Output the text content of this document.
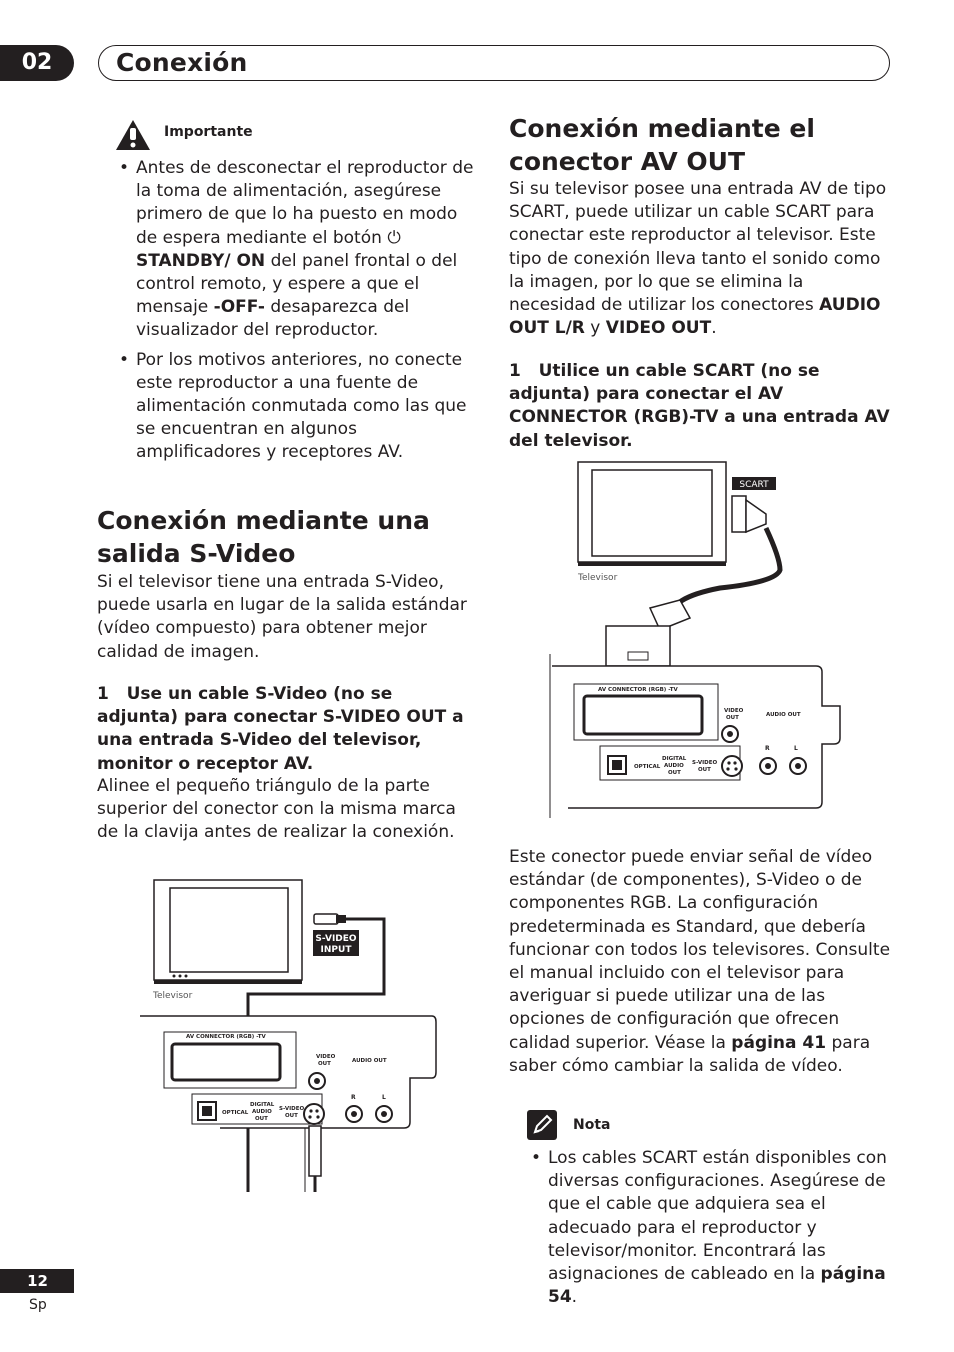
02	Conexión
Importante
• Antes de desconectar el reproductor de la toma de alimentación, asegúrese primero de que lo ha puesto en modo de espera mediante el botón ⏻ STANDBY/ ON del panel frontal o del control remoto, y espere a que el mensaje -OFF- desaparezca del visualizador del reproductor.
• Por los motivos anteriores, no conecte este reproductor a una fuente de alimentación conmutada como las que se encuentran en algunos amplificadores y receptores AV.
Conexión mediante una salida S-Video
Si el televisor tiene una entrada S-Video, puede usarla en lugar de la salida estándar (vídeo compuesto) para obtener mejor calidad de imagen.
1 Use un cable S-Video (no se adjunta) para conectar S-VIDEO OUT a una entrada S-Video del televisor, monitor o receptor AV.
Alinee el pequeño triángulo de la parte superior del conector con la misma marca de la clavija antes de realizar la conexión.
Televisor
S-VIDEO
INPUT
AV CONNECTOR (RGB) -TV
VIDEO
OUT	AUDIO OUT
R	L
OPTICAL
DIGITAL
AUDIO
OUT
S-VIDEO
OUT
Conexión mediante el conector AV OUT
Si su televisor posee una entrada AV de tipo SCART, puede utilizar un cable SCART para conectar este reproductor al televisor. Este tipo de conexión lleva tanto el sonido como la imagen, por lo que se elimina la necesidad de utilizar los conectores AUDIO OUT L/R y VIDEO OUT.
1 Utilice un cable SCART (no se adjunta) para conectar el AV CONNECTOR (RGB)-TV a una entrada AV del televisor.
Televisor
SCART
AV CONNECTOR (RGB) -TV
VIDEO
OUT	AUDIO OUT
R	L
OPTICAL
DIGITAL
AUDIO
OUT
S-VIDEO
OUT
Este conector puede enviar señal de vídeo estándar (de componentes), S-Video o de componentes RGB. La configuración predeterminada es Standard, que debería funcionar con todos los televisores. Consulte el manual incluido con el televisor para averiguar si puede utilizar una de las opciones de configuración que ofrecen calidad superior. Véase la página 41 para saber cómo cambiar la salida de vídeo.
Nota
• Los cables SCART están disponibles con diversas configuraciones. Asegúrese de que el cable que adquiera sea el adecuado para el reproductor y televisor/monitor. Encontrará las asignaciones de cableado en la página 54.
12
Sp
